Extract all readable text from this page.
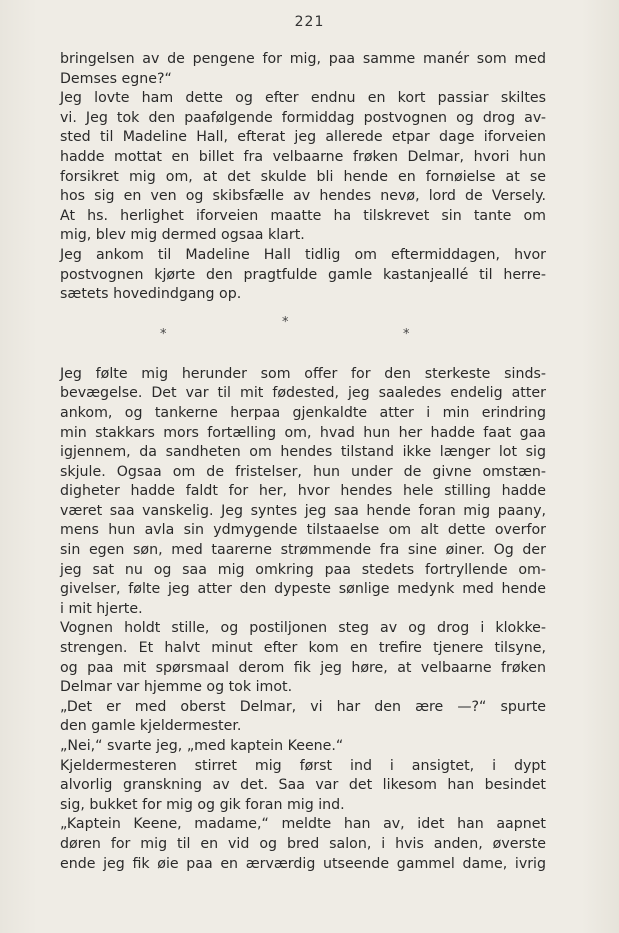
221
bringelsen av de pengene for mig, paa samme manér som med
Demses egne?“
Jeg lovte ham dette og efter endnu en kort passiar skiltes
vi. Jeg tok den paafølgende formiddag postvognen og drog av-
sted til Madeline Hall, efterat jeg allerede etpar dage iforveien
hadde mottat en billet fra velbaarne frøken Delmar, hvori hun
forsikret mig om, at det skulde bli hende en fornøielse at se
hos sig en ven og skibsfælle av hendes nevø, lord de Versely.
At hs. herlighet iforveien maatte ha tilskrevet sin tante om
mig, blev mig dermed ogsaa klart.
Jeg ankom til Madeline Hall tidlig om eftermiddagen, hvor
postvognen kjørte den pragtfulde gamle kastanjeallé til herre-
sætets hovedindgang op.
*
*	*
Jeg følte mig herunder som offer for den sterkeste sinds-
bevægelse. Det var til mit fødested, jeg saaledes endelig atter
ankom, og tankerne herpaa gjenkaldte atter i min erindring
min stakkars mors fortælling om, hvad hun her hadde faat gaa
igjennem, da sandheten om hendes tilstand ikke længer lot sig
skjule. Ogsaa om de fristelser, hun under de givne omstæn-
digheter hadde faldt for her, hvor hendes hele stilling hadde
været saa vanskelig. Jeg syntes jeg saa hende foran mig paany,
mens hun avla sin ydmygende tilstaaelse om alt dette overfor
sin egen søn, med taarerne strømmende fra sine øiner. Og der
jeg sat nu og saa mig omkring paa stedets fortryllende om-
givelser, følte jeg atter den dypeste sønlige medynk med hende
i mit hjerte.
Vognen holdt stille, og postiljonen steg av og drog i klokke-
strengen. Et halvt minut efter kom en trefire tjenere tilsyne,
og paa mit spørsmaal derom fik jeg høre, at velbaarne frøken
Delmar var hjemme og tok imot.
„Det er med oberst Delmar, vi har den ære —?“ spurte
den gamle kjeldermester.
„Nei,“ svarte jeg, „med kaptein Keene.“
Kjeldermesteren stirret mig først ind i ansigtet, i dypt
alvorlig granskning av det. Saa var det likesom han besindet
sig, bukket for mig og gik foran mig ind.
„Kaptein Keene, madame,“ meldte han av, idet han aapnet
døren for mig til en vid og bred salon, i hvis anden, øverste
ende jeg fik øie paa en ærværdig utseende gammel dame, ivrig
